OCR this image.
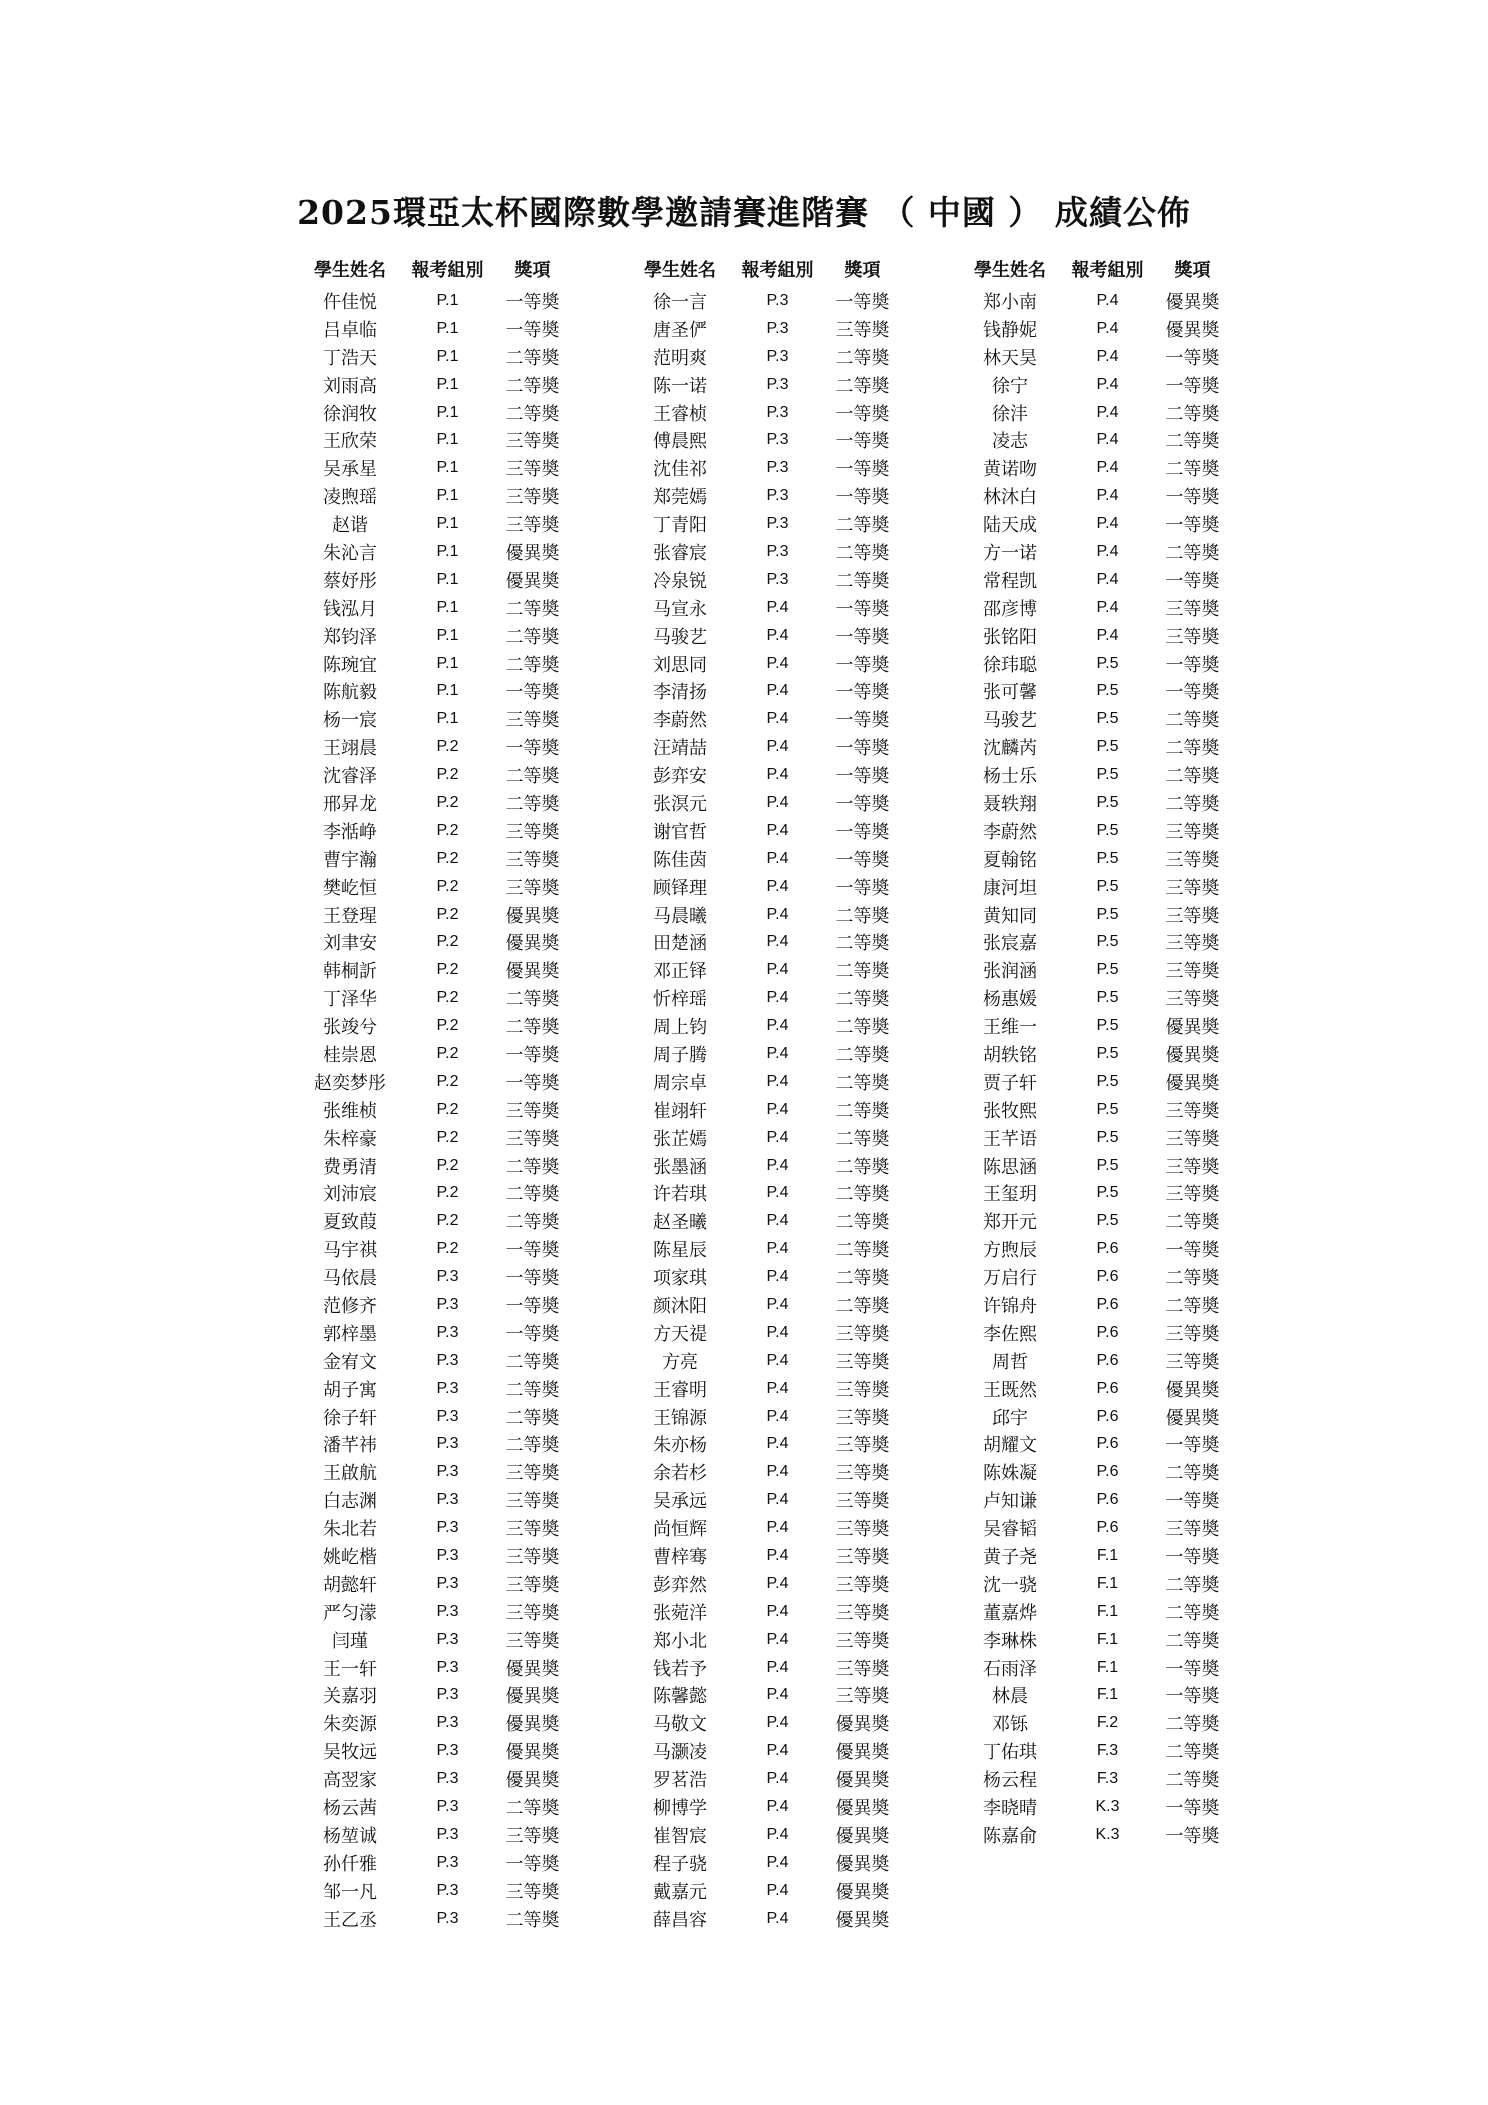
2025環亞太杯國際數學邀請賽進階賽 （ 中國 ） 成績公佈
學生姓名	報考組別	獎項
仵佳悦	P.1	一等奬
吕卓临	P.1	一等奬
丁浩天	P.1	二等奬
刘雨高	P.1	二等奬
徐润牧	P.1	二等奬
王欣荣	P.1	三等奬
吴承星	P.1	三等奬
凌煦瑶	P.1	三等奬
赵谐	P.1	三等奬
朱沁言	P.1	優異奬
蔡妤彤	P.1	優異奬
钱泓月	P.1	二等奬
郑钧泽	P.1	二等奬
陈琬宜	P.1	二等奬
陈航毅	P.1	一等奬
杨一宸	P.1	三等奬
王翊晨	P.2	一等奬
沈睿泽	P.2	二等奬
邢昇龙	P.2	二等奬
李湉峥	P.2	三等奬
曹宇瀚	P.2	三等奬
樊屹恒	P.2	三等奬
王登瑆	P.2	優異奬
刘聿安	P.2	優異奬
韩桐訢	P.2	優異奬
丁泽华	P.2	二等奬
张竣兮	P.2	二等奬
桂崇恩	P.2	一等奬
赵奕梦彤	P.2	一等奬
张维桢	P.2	三等奬
朱梓豪	P.2	三等奬
费勇清	P.2	二等奬
刘沛宸	P.2	二等奬
夏致葭	P.2	二等奬
马宇祺	P.2	一等奬
马依晨	P.3	一等奬
范修齐	P.3	一等奬
郭梓墨	P.3	一等奬
金宥文	P.3	二等奬
胡子寓	P.3	二等奬
徐子轩	P.3	二等奬
潘芊祎	P.3	二等奬
王啟航	P.3	三等奬
白志渊	P.3	三等奬
朱北若	P.3	三等奬
姚屹楷	P.3	三等奬
胡懿轩	P.3	三等奬
严匀濛	P.3	三等奬
闫瑾	P.3	三等奬
王一轩	P.3	優異奬
关嘉羽	P.3	優異奬
朱奕源	P.3	優異奬
吴牧远	P.3	優異奬
高翌家	P.3	優異奬
杨云茜	P.3	二等奬
杨堃诚	P.3	三等奬
孙仟雅	P.3	一等奬
邹一凡	P.3	三等奬
王乙丞	P.3	二等奬
學生姓名	報考組別	獎項
徐一言	P.3	一等奬
唐圣俨	P.3	三等奬
范明爽	P.3	二等奬
陈一诺	P.3	二等奬
王睿桢	P.3	一等奬
傅晨熙	P.3	一等奬
沈佳祁	P.3	一等奬
郑莞嫣	P.3	一等奬
丁青阳	P.3	二等奬
张睿宸	P.3	二等奬
冷泉锐	P.3	二等奬
马宣永	P.4	一等奬
马骏艺	P.4	一等奬
刘思同	P.4	一等奬
李清扬	P.4	一等奬
李蔚然	P.4	一等奬
汪靖喆	P.4	一等奬
彭弈安	P.4	一等奬
张溟元	P.4	一等奬
谢官哲	P.4	一等奬
陈佳茵	P.4	一等奬
顾铎理	P.4	一等奬
马晨曦	P.4	二等奬
田楚涵	P.4	二等奬
邓正铎	P.4	二等奬
忻梓瑶	P.4	二等奬
周上钧	P.4	二等奬
周子腾	P.4	二等奬
周宗卓	P.4	二等奬
崔翊轩	P.4	二等奬
张芷嫣	P.4	二等奬
张墨涵	P.4	二等奬
许若琪	P.4	二等奬
赵圣曦	P.4	二等奬
陈星辰	P.4	二等奬
项家琪	P.4	二等奬
颜沐阳	P.4	二等奬
方天禔	P.4	三等奬
方亮	P.4	三等奬
王睿明	P.4	三等奬
王锦源	P.4	三等奬
朱亦杨	P.4	三等奬
余若杉	P.4	三等奬
吴承远	P.4	三等奬
尚恒辉	P.4	三等奬
曹梓骞	P.4	三等奬
彭弈然	P.4	三等奬
张菀洋	P.4	三等奬
郑小北	P.4	三等奬
钱若予	P.4	三等奬
陈馨懿	P.4	三等奬
马敬文	P.4	優異奬
马灏凌	P.4	優異奬
罗茗浩	P.4	優異奬
柳博学	P.4	優異奬
崔智宸	P.4	優異奬
程子骁	P.4	優異奬
戴嘉元	P.4	優異奬
薛昌容	P.4	優異奬
學生姓名	報考組別	獎項
郑小南	P.4	優異奬
钱静妮	P.4	優異奬
林天昊	P.4	一等奬
徐宁	P.4	一等奬
徐沣	P.4	二等奬
凌志	P.4	二等奬
黄诺吻	P.4	二等奬
林沐白	P.4	一等奬
陆天成	P.4	一等奬
方一诺	P.4	二等奬
常程凯	P.4	一等奬
邵彦博	P.4	三等奬
张铭阳	P.4	三等奬
徐玮聪	P.5	一等奬
张可馨	P.5	一等奬
马骏艺	P.5	二等奬
沈麟芮	P.5	二等奬
杨士乐	P.5	二等奬
聂轶翔	P.5	二等奬
李蔚然	P.5	三等奬
夏翰铭	P.5	三等奬
康河坦	P.5	三等奬
黄知同	P.5	三等奬
张宸嘉	P.5	三等奬
张润涵	P.5	三等奬
杨惠媛	P.5	三等奬
王维一	P.5	優異奬
胡轶铭	P.5	優異奬
贾子轩	P.5	優異奬
张牧熙	P.5	三等奬
王芊语	P.5	三等奬
陈思涵	P.5	三等奬
王玺玥	P.5	三等奬
郑开元	P.5	二等奬
方煦辰	P.6	一等奬
万启行	P.6	二等奬
许锦舟	P.6	二等奬
李佐熙	P.6	三等奬
周哲	P.6	三等奬
王既然	P.6	優異奬
邱宇	P.6	優異奬
胡耀文	P.6	一等奬
陈姝凝	P.6	二等奬
卢知谦	P.6	一等奬
吴睿韬	P.6	三等奬
黄子尧	F.1	一等奬
沈一骁	F.1	二等奬
董嘉烨	F.1	二等奬
李琳株	F.1	二等奬
石雨泽	F.1	一等奬
林晨	F.1	一等奬
邓铄	F.2	二等奬
丁佑琪	F.3	二等奬
杨云程	F.3	二等奬
李晓晴	K.3	一等奬
陈嘉俞	K.3	一等奬
